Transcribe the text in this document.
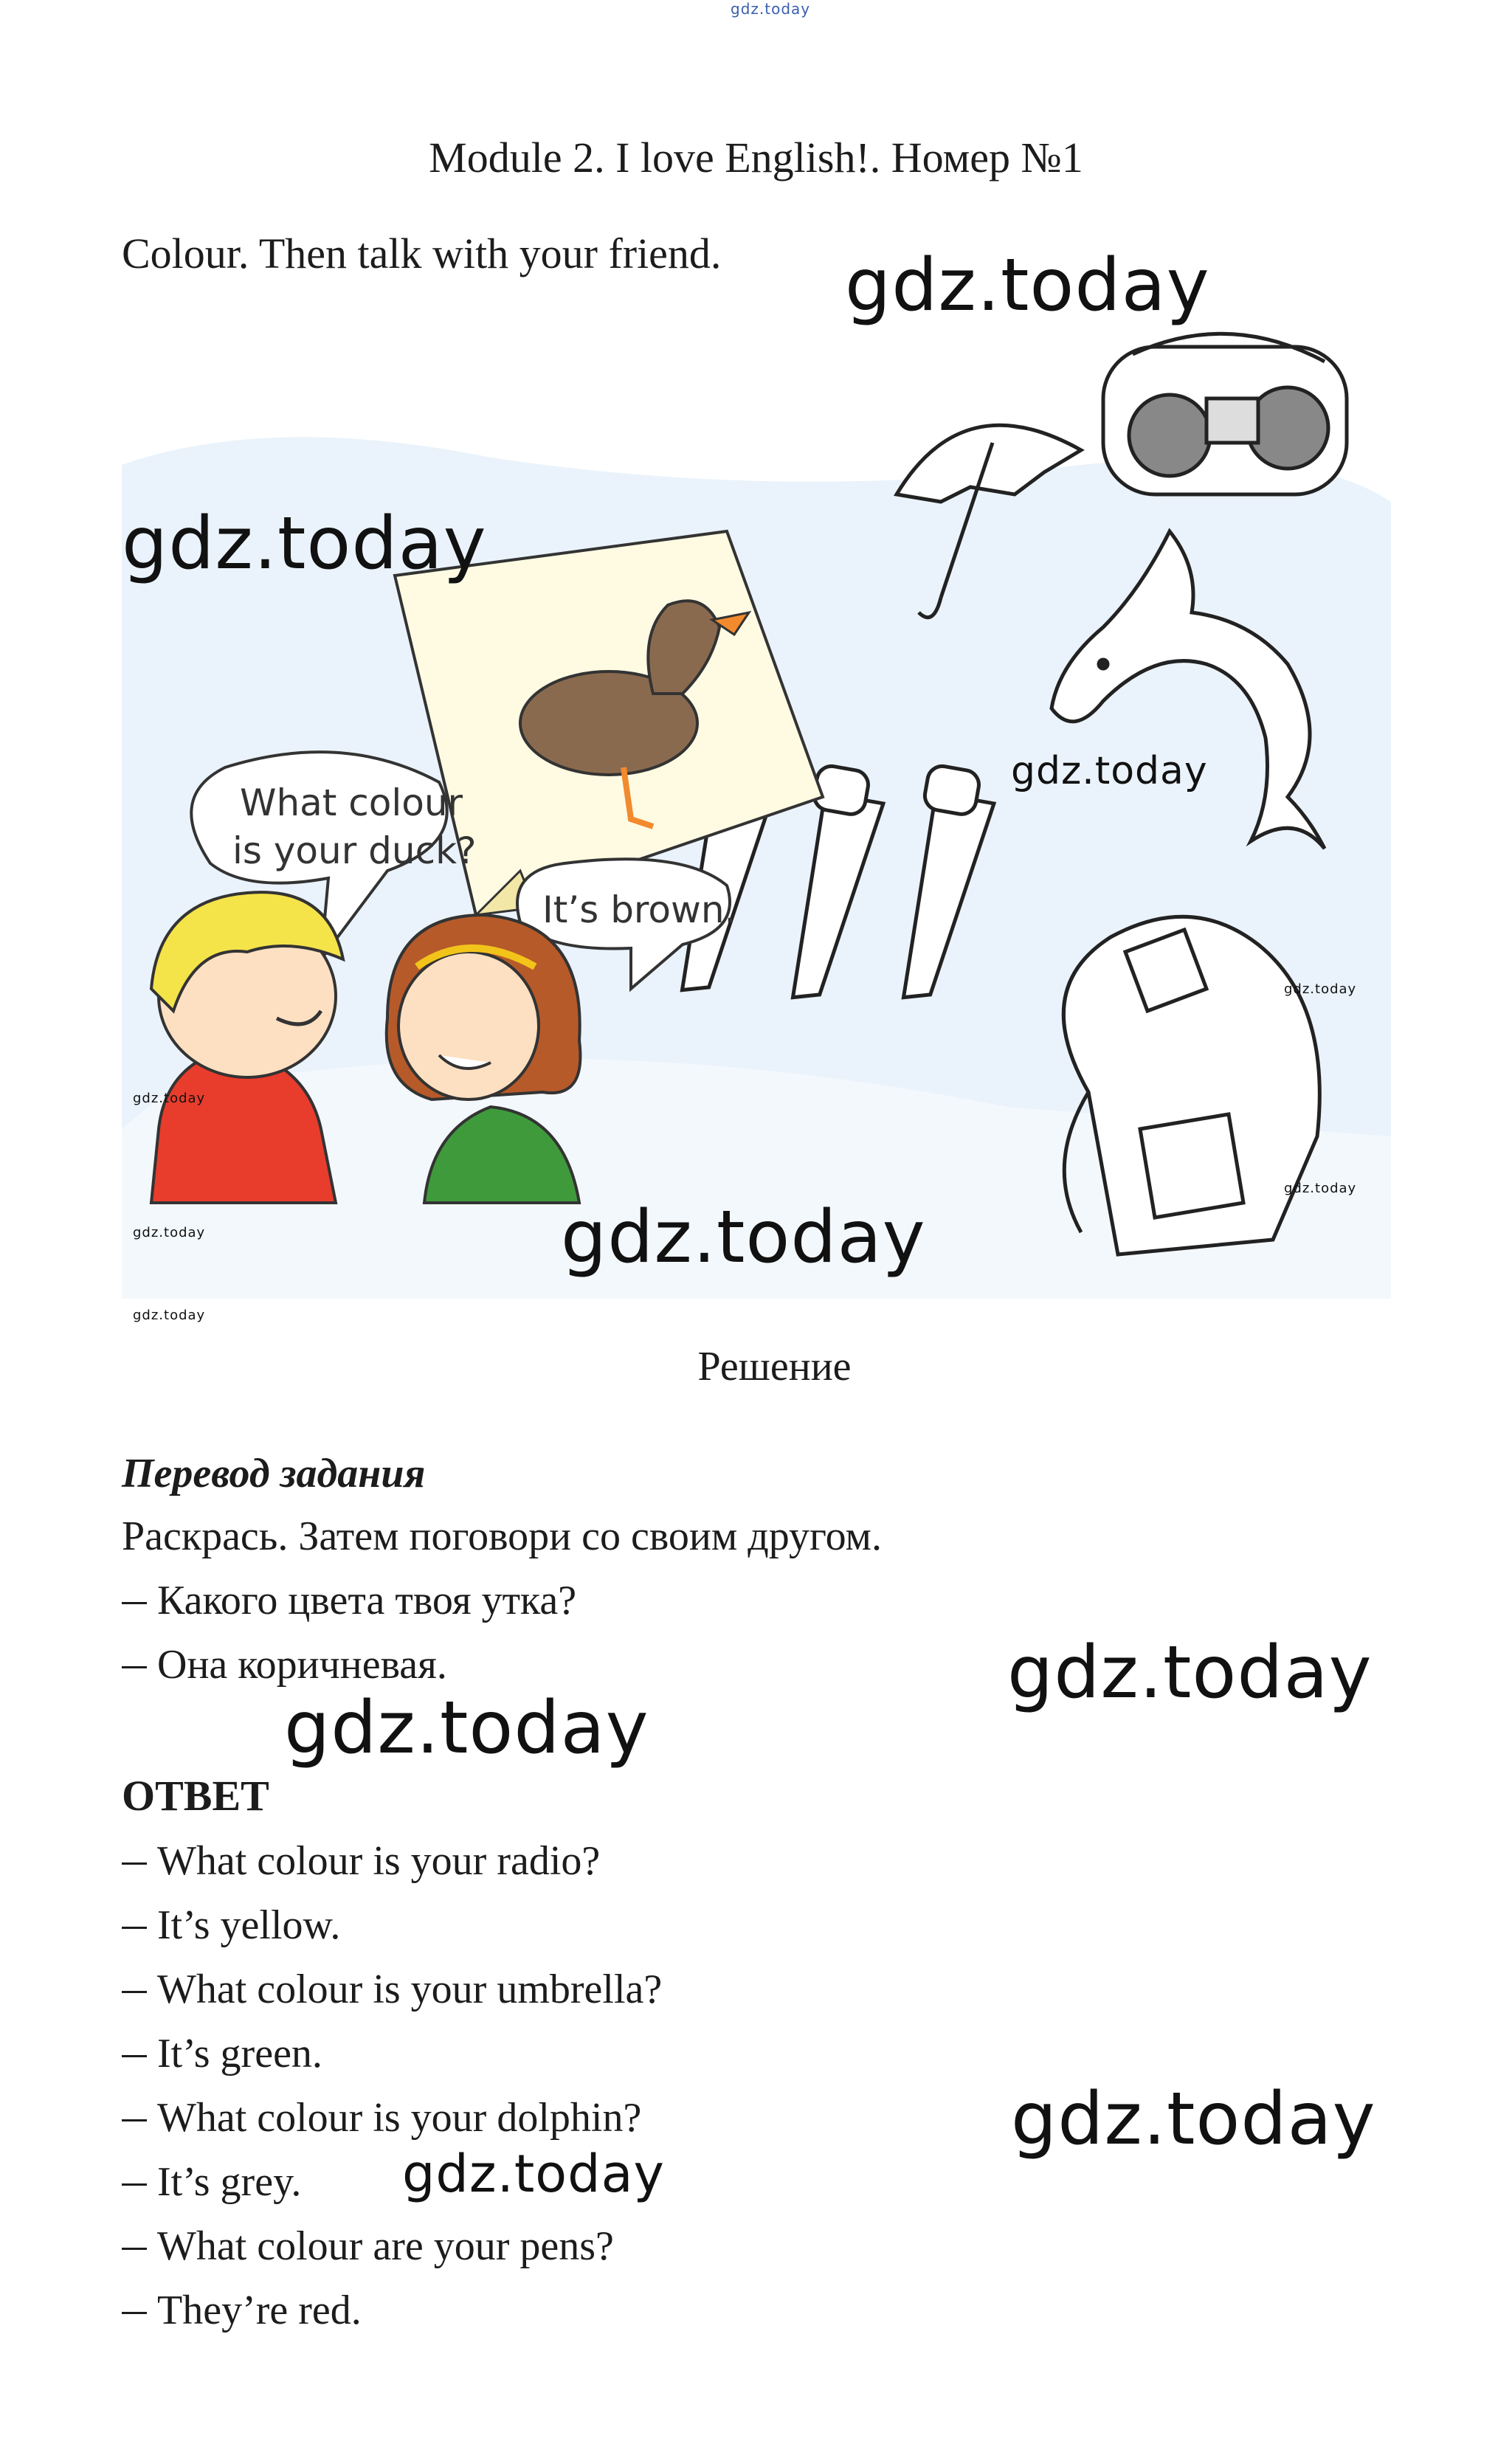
gdz.today
Module 2. I love English!. Номер №1
Colour. Then talk with your friend.
What colour
is your duck?
It’s brown.
gdz.today
gdz.today
gdz.today
gdz.today
gdz.today
gdz.today
gdz.today	gdz.today
gdz.today
Решение
Перевод задания
Раскрась. Затем поговори со своим другом.
Какого цвета твоя утка?
Она коричневая.	gdz.today
gdz.today
ОТВЕТ
What colour is your radio?
It’s yellow.
What colour is your umbrella?
It’s green.
What colour is your dolphin?
It’s grey.
What colour are your pens?
They’re red.
gdz.today
gdz.today
